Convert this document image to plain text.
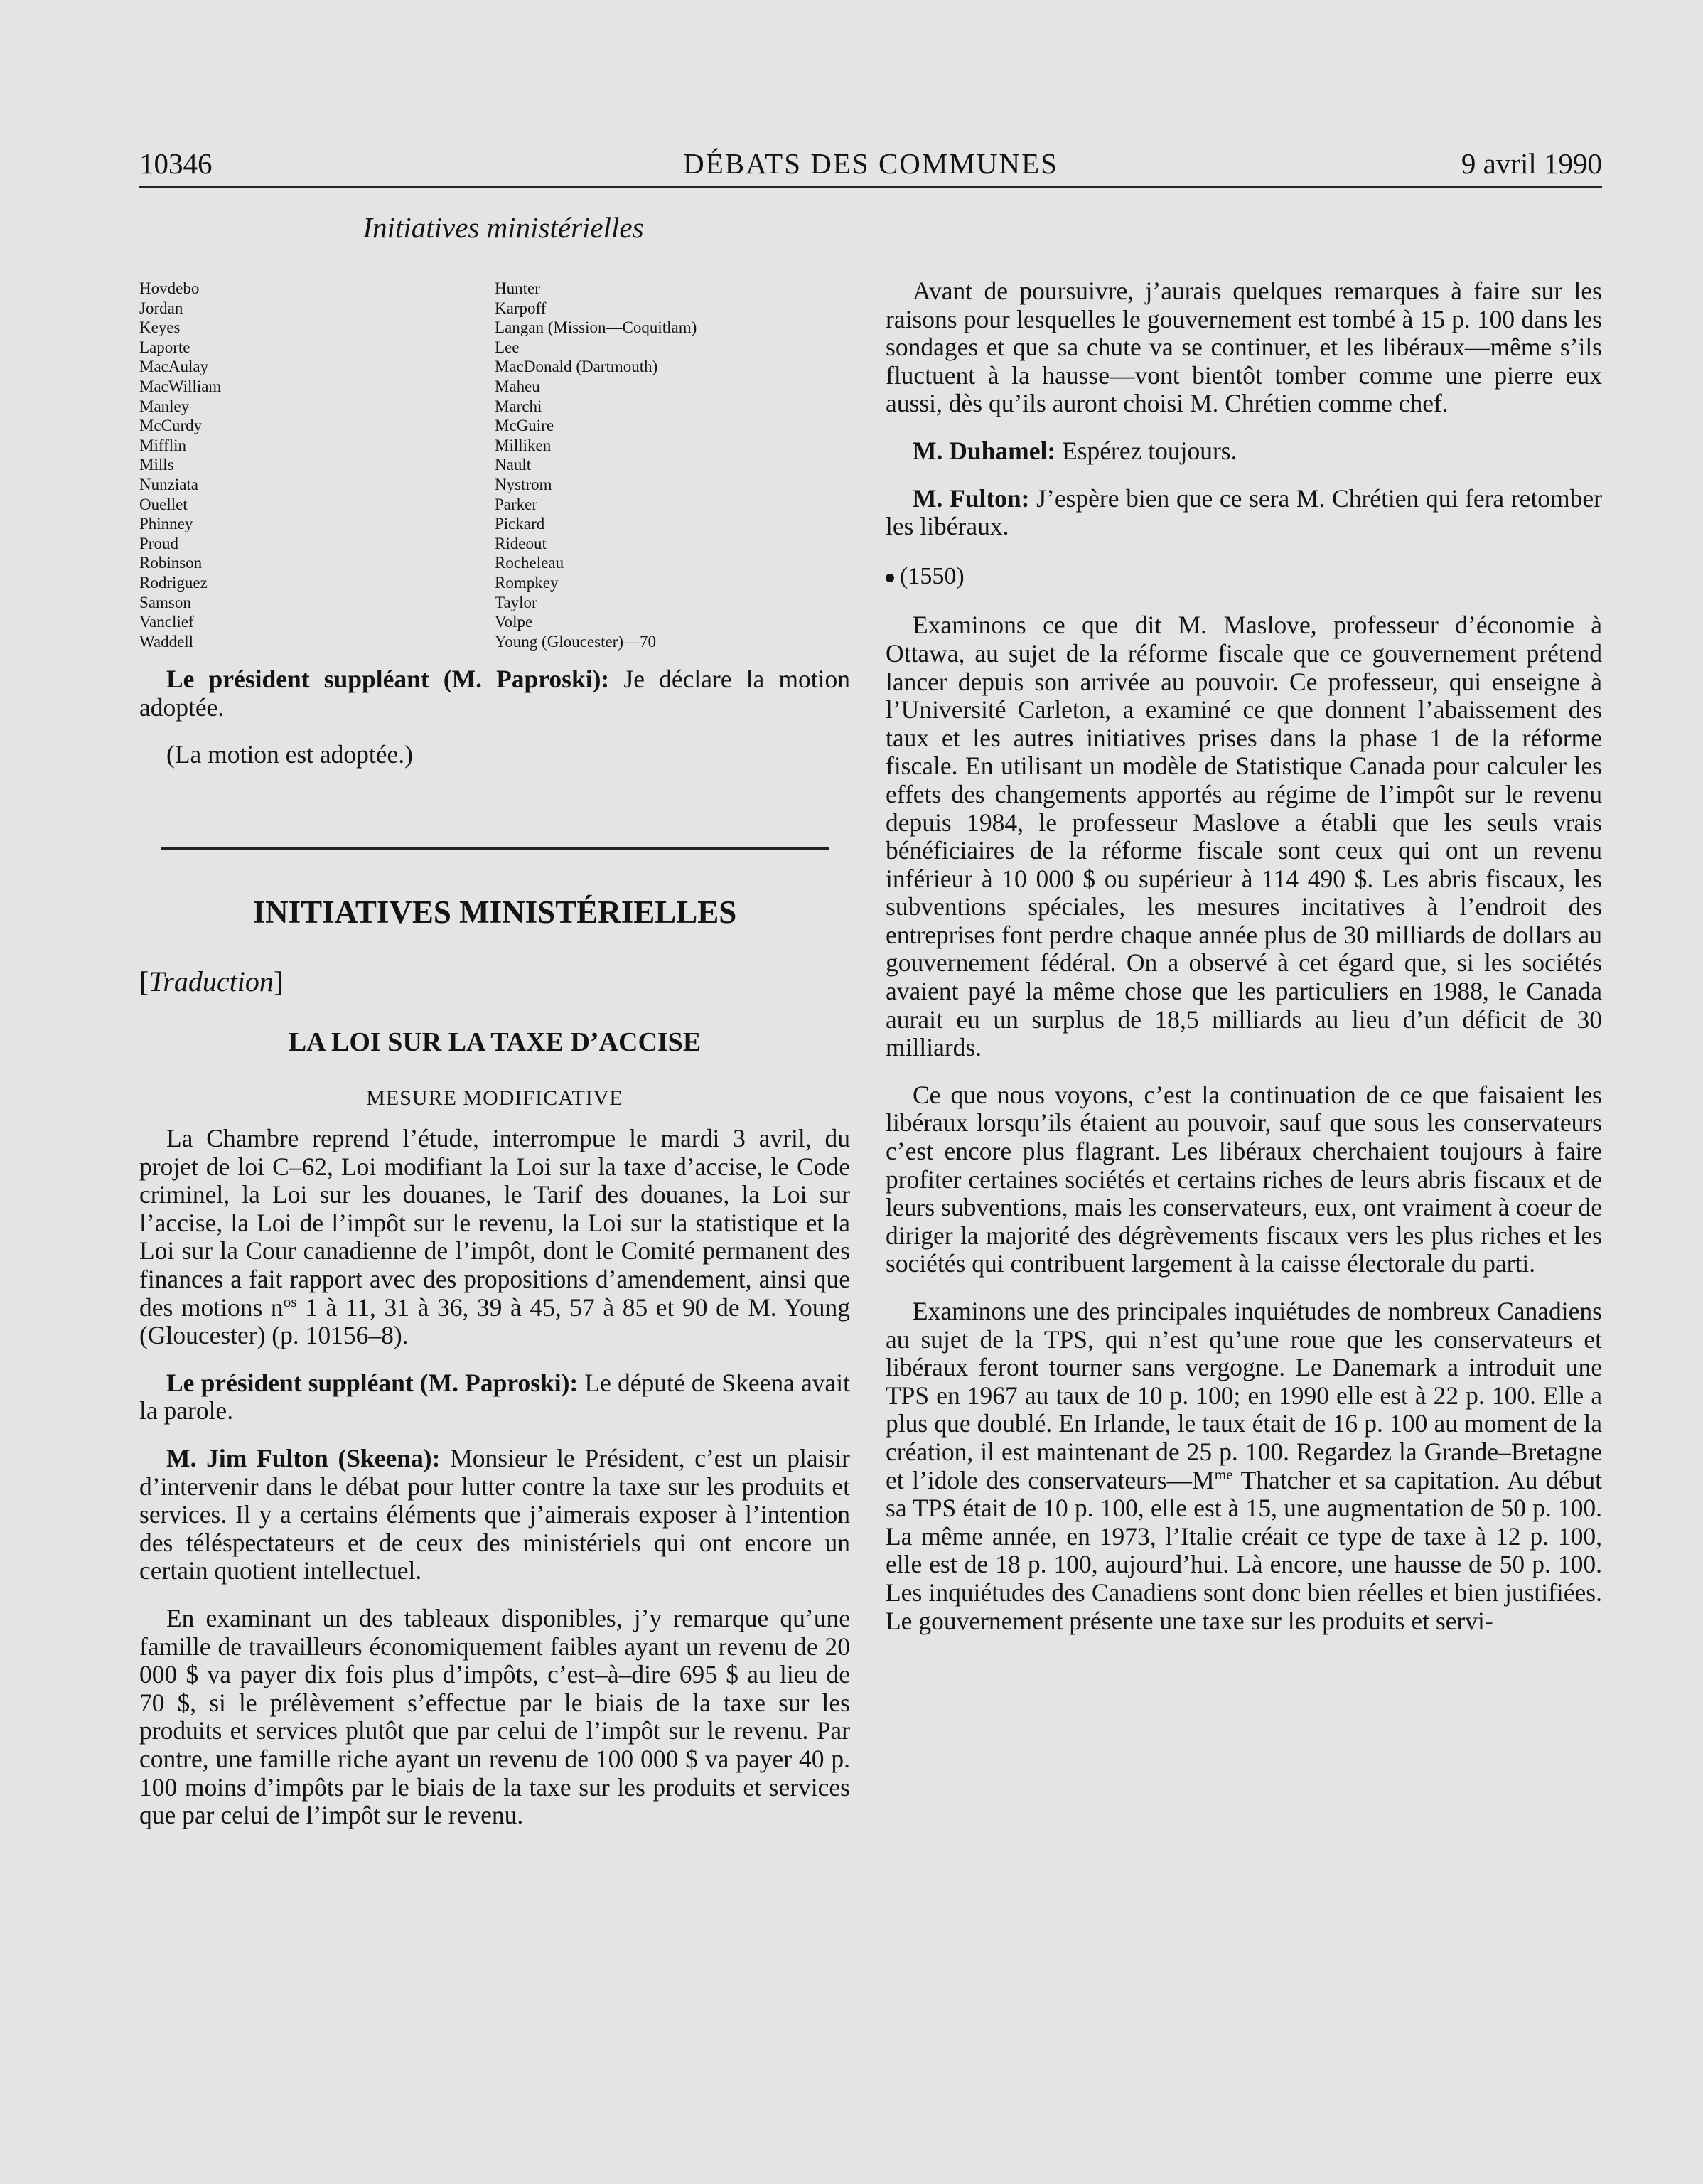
10346	DÉBATS DES COMMUNES	9 avril 1990
Initiatives ministérielles
Hovdebo
Jordan
Keyes
Laporte
MacAulay
MacWilliam
Manley
McCurdy
Mifflin
Mills
Nunziata
Ouellet
Phinney
Proud
Robinson
Rodriguez
Samson
Vanclief
Waddell
Hunter
Karpoff
Langan (Mission—Coquitlam)
Lee
MacDonald (Dartmouth)
Maheu
Marchi
McGuire
Milliken
Nault
Nystrom
Parker
Pickard
Rideout
Rocheleau
Rompkey
Taylor
Volpe
Young (Gloucester)—70

Le président suppléant (M. Paproski): Je déclare la motion adoptée.

(La motion est adoptée.)

INITIATIVES MINISTÉRIELLES
[Traduction]
LA LOI SUR LA TAXE D’ACCISE
MESURE MODIFICATIVE

La Chambre reprend l’étude, interrompue le mardi 3 avril, du projet de loi C–62, Loi modifiant la Loi sur la taxe d’accise, le Code criminel, la Loi sur les douanes, le Tarif des douanes, la Loi sur l’accise, la Loi de l’impôt sur le revenu, la Loi sur la statistique et la Loi sur la Cour canadienne de l’impôt, dont le Comité permanent des finances a fait rapport avec des propositions d’amendement, ainsi que des motions $n^{os}$ 1 à 11, 31 à 36, 39 à 45, 57 à 85 et 90 de M. Young (Gloucester) (p. 10156–8).

Le président suppléant (M. Paproski): Le député de Skeena avait la parole.

M. Jim Fulton (Skeena): Monsieur le Président, c’est un plaisir d’intervenir dans le débat pour lutter contre la taxe sur les produits et services. Il y a certains éléments que j’aimerais exposer à l’intention des téléspectateurs et de ceux des ministériels qui ont encore un certain quotient intellectuel.

En examinant un des tableaux disponibles, j’y remarque qu’une famille de travailleurs économiquement faibles ayant un revenu de 20 000 $ va payer dix fois plus d’impôts, c’est–à–dire 695 $ au lieu de 70 $, si le prélèvement s’effectue par le biais de la taxe sur les produits et services plutôt que par celui de l’impôt sur le revenu. Par contre, une famille riche ayant un revenu de 100 000 $ va payer 40 p. 100 moins d’impôts par le biais de la taxe sur les produits et services que par celui de l’impôt sur le revenu.

Avant de poursuivre, j’aurais quelques remarques à faire sur les raisons pour lesquelles le gouvernement est tombé à 15 p. 100 dans les sondages et que sa chute va se continuer, et les libéraux—même s’ils fluctuent à la hausse—vont bientôt tomber comme une pierre eux aussi, dès qu’ils auront choisi M. Chrétien comme chef.

M. Duhamel: Espérez toujours.

M. Fulton: J’espère bien que ce sera M. Chrétien qui fera retomber les libéraux.

(1550)

Examinons ce que dit M. Maslove, professeur d’économie à Ottawa, au sujet de la réforme fiscale que ce gouvernement prétend lancer depuis son arrivée au pouvoir. Ce professeur, qui enseigne à l’Université Carleton, a examiné ce que donnent l’abaissement des taux et les autres initiatives prises dans la phase 1 de la réforme fiscale. En utilisant un modèle de Statistique Canada pour calculer les effets des changements apportés au régime de l’impôt sur le revenu depuis 1984, le professeur Maslove a établi que les seuls vrais bénéficiaires de la réforme fiscale sont ceux qui ont un revenu inférieur à 10 000 $ ou supérieur à 114 490 $. Les abris fiscaux, les subventions spéciales, les mesures incitatives à l’endroit des entreprises font perdre chaque année plus de 30 milliards de dollars au gouvernement fédéral. On a observé à cet égard que, si les sociétés avaient payé la même chose que les particuliers en 1988, le Canada aurait eu un surplus de 18,5 milliards au lieu d’un déficit de 30 milliards.

Ce que nous voyons, c’est la continuation de ce que faisaient les libéraux lorsqu’ils étaient au pouvoir, sauf que sous les conservateurs c’est encore plus flagrant. Les libéraux cherchaient toujours à faire profiter certaines sociétés et certains riches de leurs abris fiscaux et de leurs subventions, mais les conservateurs, eux, ont vraiment à coeur de diriger la majorité des dégrèvements fiscaux vers les plus riches et les sociétés qui contribuent largement à la caisse électorale du parti.

Examinons une des principales inquiétudes de nombreux Canadiens au sujet de la TPS, qui n’est qu’une roue que les conservateurs et libéraux feront tourner sans vergogne. Le Danemark a introduit une TPS en 1967 au taux de 10 p. 100; en 1990 elle est à 22 p. 100. Elle a plus que doublé. En Irlande, le taux était de 16 p. 100 au moment de la création, il est maintenant de 25 p. 100. Regardez la Grande–Bretagne et l’idole des $conservateurs—M^{me}$ Thatcher et sa capitation. Au début sa TPS était de 10 p. 100, elle est à 15, une augmentation de 50 p. 100. La même année, en 1973, l’Italie créait ce type de taxe à 12 p. 100, elle est de 18 p. 100, aujourd’hui. Là encore, une hausse de 50 p. 100. Les inquiétudes des Canadiens sont donc bien réelles et bien justifiées. Le gouvernement présente une taxe sur les produits et servi-
